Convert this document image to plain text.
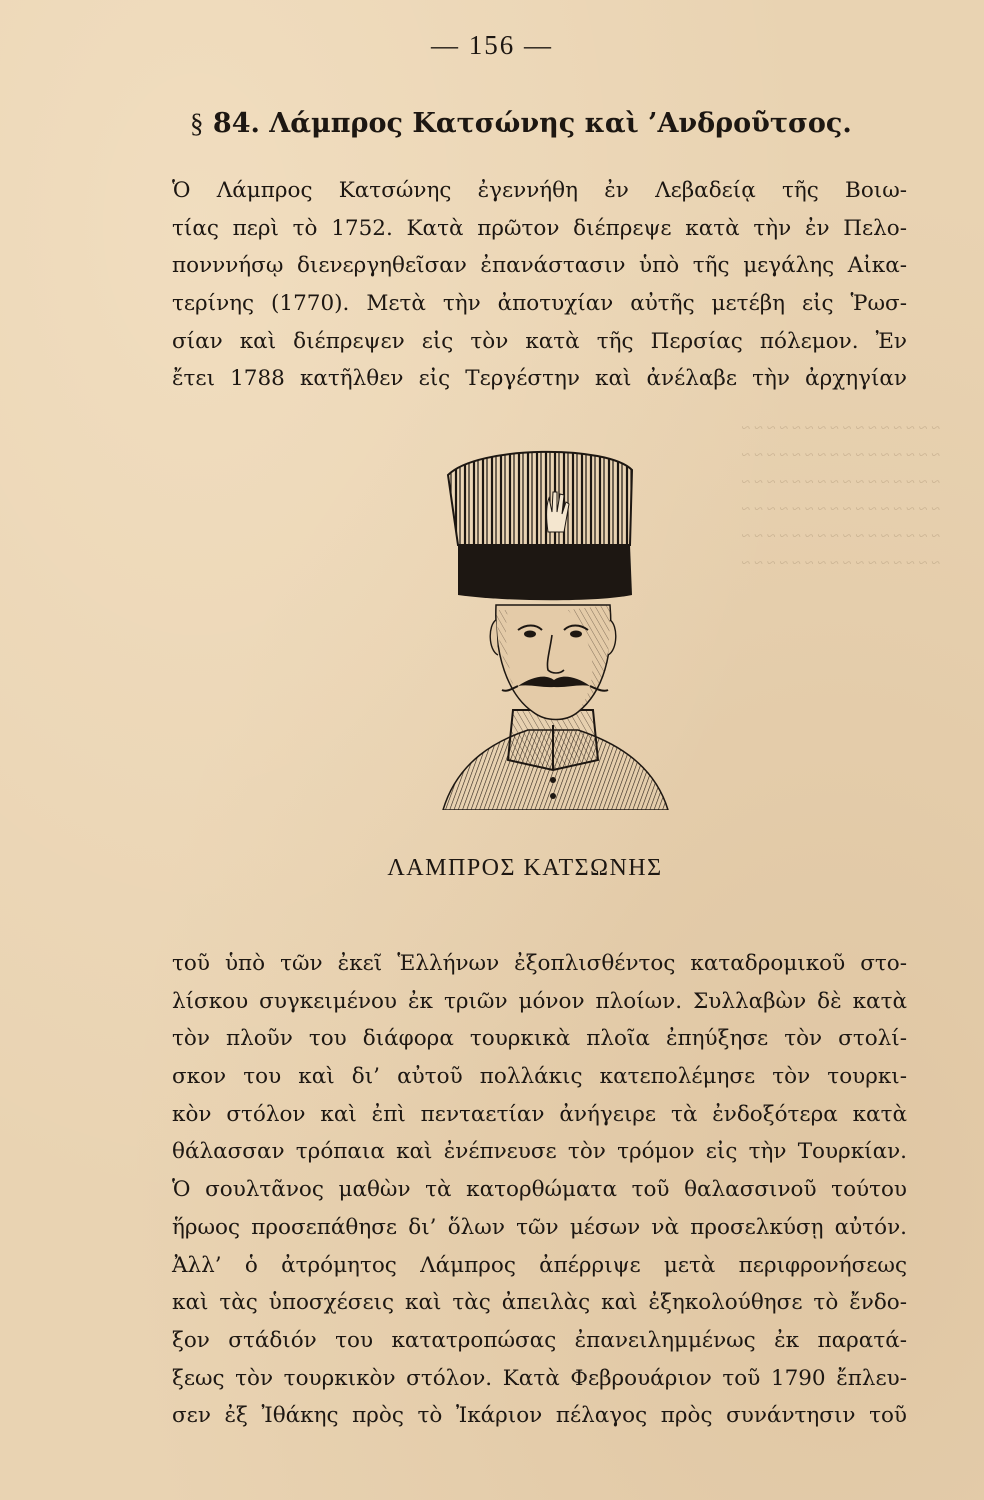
~ ~ ~ ~ ~ ~ ~ ~ ~ ~ ~ ~ ~ ~ ~ ~
~ ~ ~ ~ ~ ~ ~ ~ ~ ~ ~ ~ ~ ~ ~ ~
~ ~ ~ ~ ~ ~ ~ ~ ~ ~ ~ ~ ~ ~ ~ ~
~ ~ ~ ~ ~ ~ ~ ~ ~ ~ ~ ~ ~ ~ ~ ~
~ ~ ~ ~ ~ ~ ~ ~ ~ ~ ~ ~ ~ ~ ~ ~
~ ~ ~ ~ ~ ~ ~ ~ ~ ~ ~ ~ ~ ~ ~ ~
— 156 —
§ 84. Λάμπρος Κατσώνης καὶ ’Ανδροῦτσος.
Ὁ Λάμπρος Κατσώνης ἐγεννήθη ἐν Λεβαδείᾳ τῆς Βοιω-
τίας περὶ τὸ 1752. Κατὰ πρῶτον διέπρεψε κατὰ τὴν ἐν Πελο-
πονννήσῳ διενεργηθεῖσαν ἐπανάστασιν ὑπὸ τῆς μεγάλης Αἰκα-
τερίνης (1770). Μετὰ τὴν ἀποτυχίαν αὐτῆς μετέβη εἰς Ῥωσ-
σίαν καὶ διέπρεψεν εἰς τὸν κατὰ τῆς Περσίας πόλεμον. Ἐν
ἔτει 1788 κατῆλθεν εἰς Τεργέστην καὶ ἀνέλαβε τὴν ἀρχηγίαν
ΛΑΜΠΡΟΣ ΚΑΤΣΩΝΗΣ
τοῦ ὑπὸ τῶν ἐκεῖ Ἑλλήνων ἐξοπλισθέντος καταδρομικοῦ στο-
λίσκου συγκειμένου ἐκ τριῶν μόνον πλοίων. Συλλαβὼν δὲ κατὰ
τὸν πλοῦν του διάφορα τουρκικὰ πλοῖα ἐπηύξησε τὸν στολί-
σκον του καὶ δι’ αὐτοῦ πολλάκις κατεπολέμησε τὸν τουρκι-
κὸν στόλον καὶ ἐπὶ πενταετίαν ἀνήγειρε τὰ ἐνδοξότερα κατὰ
θάλασσαν τρόπαια καὶ ἐνέπνευσε τὸν τρόμον εἰς τὴν Τουρκίαν.
Ὁ σουλτᾶνος μαθὼν τὰ κατορθώματα τοῦ θαλασσινοῦ τούτου
ἥρωος προσεπάθησε δι’ ὅλων τῶν μέσων νὰ προσελκύσῃ αὐτόν.
Ἀλλ’ ὁ ἀτρόμητος Λάμπρος ἀπέρριψε μετὰ περιφρονήσεως
καὶ τὰς ὑποσχέσεις καὶ τὰς ἀπειλὰς καὶ ἐξηκολούθησε τὸ ἔνδο-
ξον στάδιόν του κατατροπώσας ἐπανειλημμένως ἐκ παρατά-
ξεως τὸν τουρκικὸν στόλον. Κατὰ Φεβρουάριον τοῦ 1790 ἔπλευ-
σεν ἐξ Ἰθάκης πρὸς τὸ Ἰκάριον πέλαγος πρὸς συνάντησιν τοῦ
